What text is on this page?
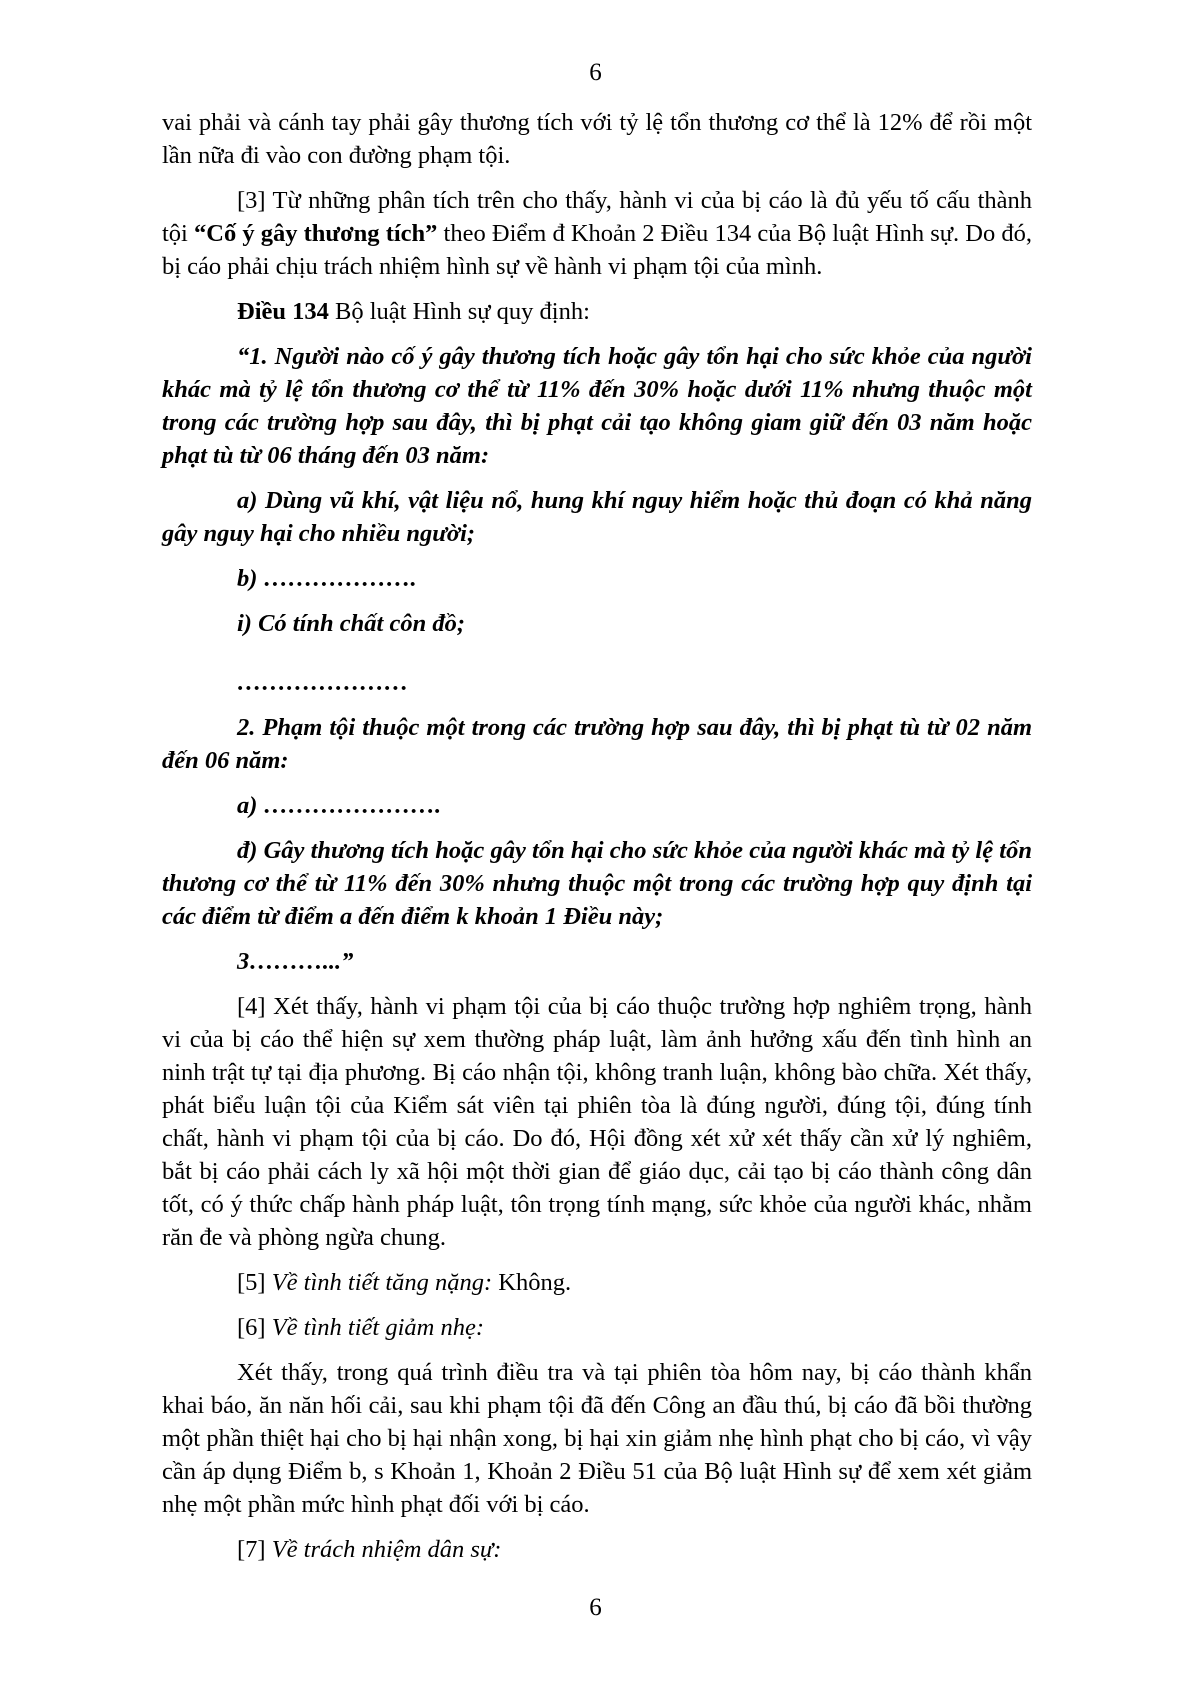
6

vai phải và cánh tay phải gây thương tích với tỷ lệ tổn thương cơ thể là 12% để rồi một lần nữa đi vào con đường phạm tội.

[3] Từ những phân tích trên cho thấy, hành vi của bị cáo là đủ yếu tố cấu thành tội “Cố ý gây thương tích” theo Điểm đ Khoản 2 Điều 134 của Bộ luật Hình sự. Do đó, bị cáo phải chịu trách nhiệm hình sự về hành vi phạm tội của mình.

Điều 134 Bộ luật Hình sự quy định:

“1. Người nào cố ý gây thương tích hoặc gây tổn hại cho sức khỏe của người khác mà tỷ lệ tổn thương cơ thể từ 11% đến 30% hoặc dưới 11% nhưng thuộc một trong các trường hợp sau đây, thì bị phạt cải tạo không giam giữ đến 03 năm hoặc phạt tù từ 06 tháng đến 03 năm:

a) Dùng vũ khí, vật liệu nổ, hung khí nguy hiểm hoặc thủ đoạn có khả năng gây nguy hại cho nhiều người;

b) ……………….

i) Có tính chất côn đồ;

…………………

2. Phạm tội thuộc một trong các trường hợp sau đây, thì bị phạt tù từ 02 năm đến 06 năm:

a) ………………….

đ) Gây thương tích hoặc gây tổn hại cho sức khỏe của người khác mà tỷ lệ tổn thương cơ thể từ 11% đến 30% nhưng thuộc một trong các trường hợp quy định tại các điểm từ điểm a đến điểm k khoản 1 Điều này;

3………...”

[4] Xét thấy, hành vi phạm tội của bị cáo thuộc trường hợp nghiêm trọng, hành vi của bị cáo thể hiện sự xem thường pháp luật, làm ảnh hưởng xấu đến tình hình an ninh trật tự tại địa phương. Bị cáo nhận tội, không tranh luận, không bào chữa. Xét thấy, phát biểu luận tội của Kiểm sát viên tại phiên tòa là đúng người, đúng tội, đúng tính chất, hành vi phạm tội của bị cáo. Do đó, Hội đồng xét xử xét thấy cần xử lý nghiêm, bắt bị cáo phải cách ly xã hội một thời gian để giáo dục, cải tạo bị cáo thành công dân tốt, có ý thức chấp hành pháp luật, tôn trọng tính mạng, sức khỏe của người khác, nhằm răn đe và phòng ngừa chung.

[5] Về tình tiết tăng nặng: Không.

[6] Về tình tiết giảm nhẹ:

Xét thấy, trong quá trình điều tra và tại phiên tòa hôm nay, bị cáo thành khẩn khai báo, ăn năn hối cải, sau khi phạm tội đã đến Công an đầu thú, bị cáo đã bồi thường một phần thiệt hại cho bị hại nhận xong, bị hại xin giảm nhẹ hình phạt cho bị cáo, vì vậy cần áp dụng Điểm b, s Khoản 1, Khoản 2 Điều 51 của Bộ luật Hình sự để xem xét giảm nhẹ một phần mức hình phạt đối với bị cáo.

[7] Về trách nhiệm dân sự:

6
